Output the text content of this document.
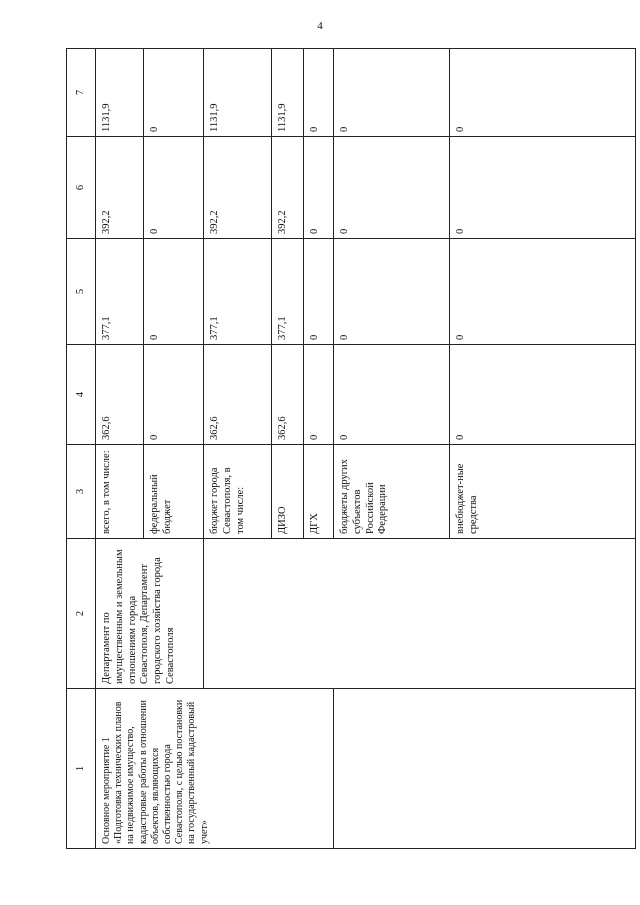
4
1	2	3	4	5	6	7
Основное мероприятие 1 «Подготовка технических планов на недвижимое имущество, кадастровые работы в отношении объектов, являющихся собственностью города Севастополя, с целью постановки на государственный кадастровый учет»	Департамент по имущественным и земельным отношениям города Севастополя, Департамент городского хозяйства города Севастополя	всего, в том числе:	362,6	377,1	392,2	1131,9
		федеральный бюджет	0	0	0	0
		бюджет города Севастополя, в том числе:	362,6	377,1	392,2	1131,9
		ДИЗО	362,6	377,1	392,2	1131,9
		ДГХ	0	0	0	0
		бюджеты других субъектов Российской Федерации	0	0	0	0
		внебюджет-ные средства	0	0	0	0
